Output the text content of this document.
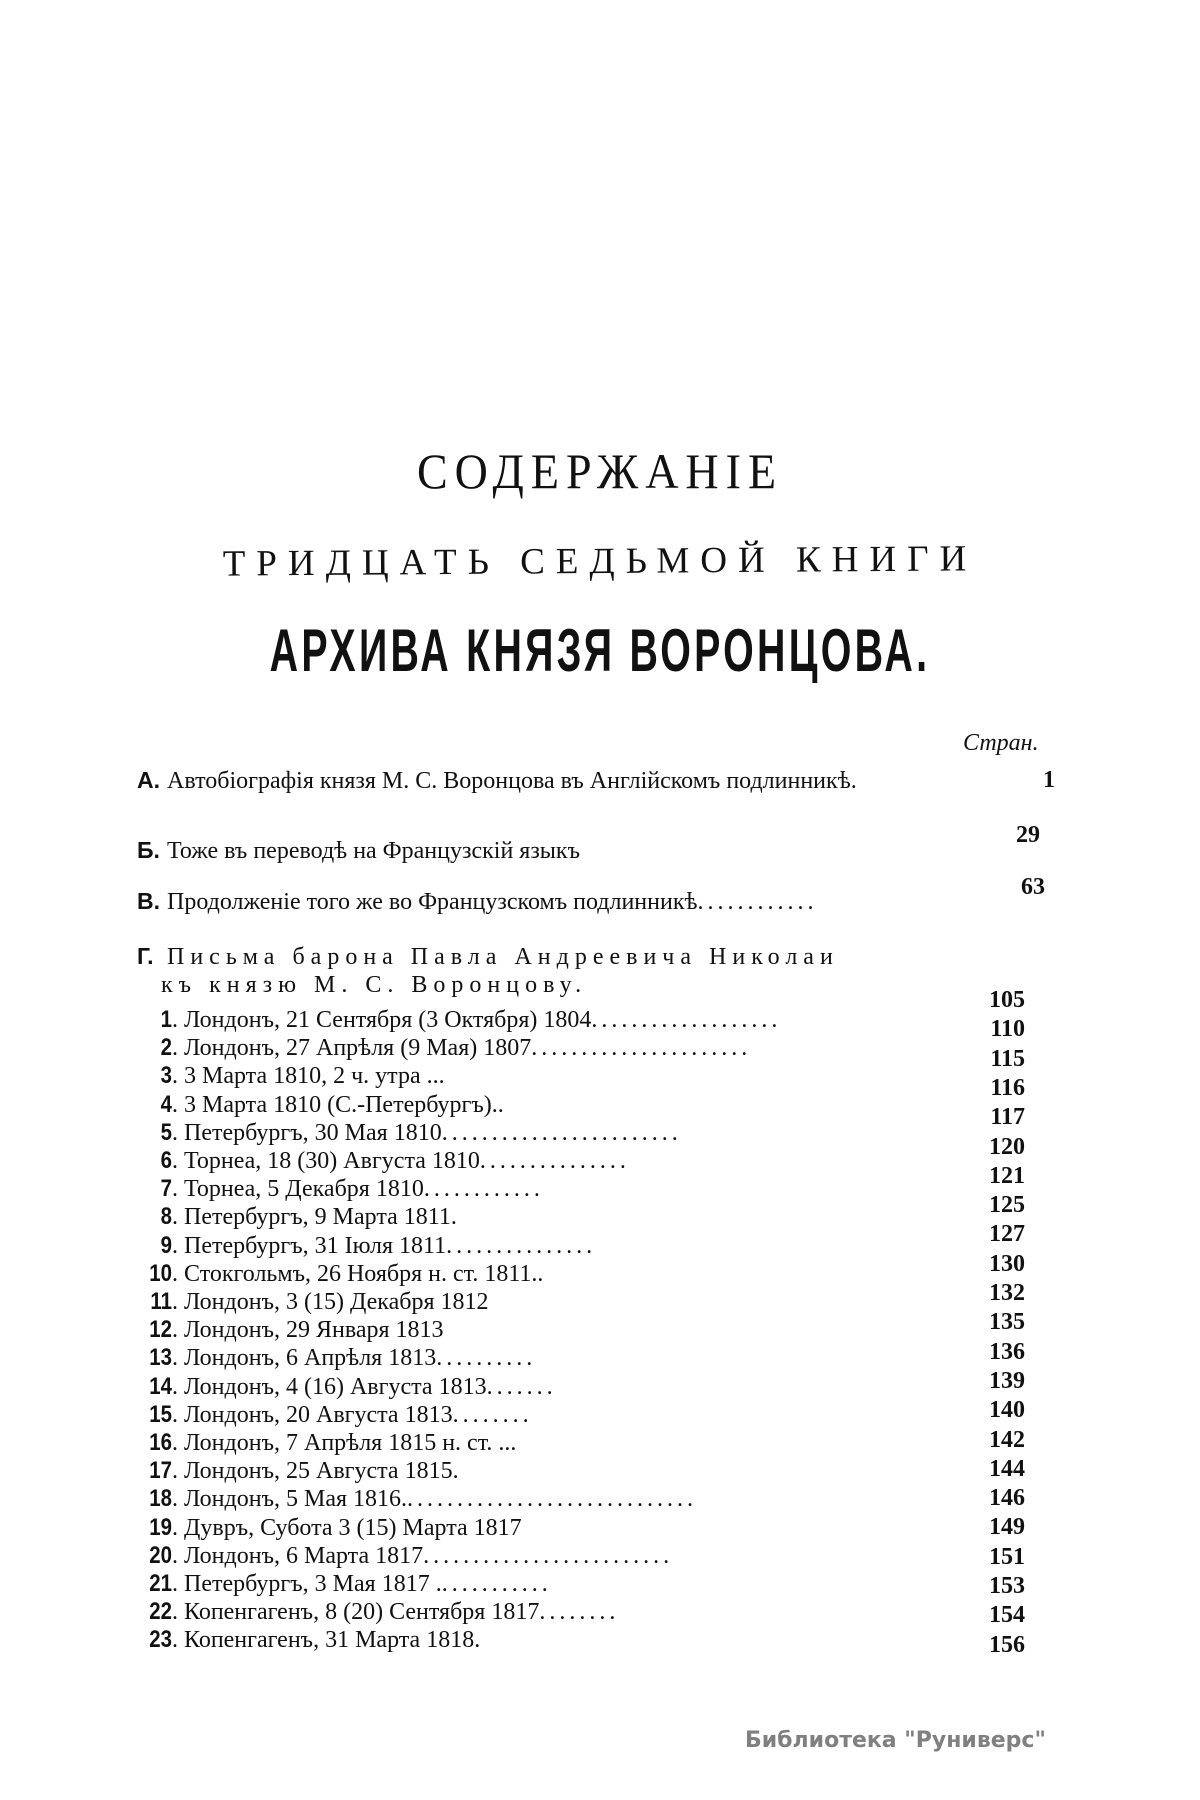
СОДЕРЖАНІЕ
ТРИДЦАТЬ СЕДЬМОЙ КНИГИ
АРХИВА КНЯЗЯ ВОРОНЦОВА.
Стран.
А. Автобіографія князя М. С. Воронцова въ Англійскомъ подлинникѣ.	1
Б. Тоже въ переводѣ на Французскій языкъ
29
В. Продолженіе того же во Французскомъ подлинникѣ............
63
Г. Письма барона Павла Андреевича Николаи
къ князю М. С. Воронцову.
1. Лондонъ, 21 Сентября (3 Октября) 1804...................
2. Лондонъ, 27 Апрѣля (9 Мая) 1807......................
3. 3 Марта 1810, 2 ч. утра ...
4. 3 Марта 1810 (С.-Петербургъ)..
5. Петербургъ, 30 Мая 1810........................
6. Торнеа, 18 (30) Августа 1810...............
7. Торнеа, 5 Декабря 1810............
8. Петербургъ, 9 Марта 1811.
9. Петербургъ, 31 Іюля 1811...............
10. Стокгольмъ, 26 Ноября н. ст. 1811..
11. Лондонъ, 3 (15) Декабря 1812
12. Лондонъ, 29 Января 1813
13. Лондонъ, 6 Апрѣля 1813..........
14. Лондонъ, 4 (16) Августа 1813.......
15. Лондонъ, 20 Августа 1813........
16. Лондонъ, 7 Апрѣля 1815 н. ст. ...
17. Лондонъ, 25 Августа 1815.
18. Лондонъ, 5 Мая 1816..............................
19. Дувръ, Субота 3 (15) Марта 1817
20. Лондонъ, 6 Марта 1817.........................
21. Петербургъ, 3 Мая 1817 ............
22. Копенгагенъ, 8 (20) Сентября 1817........
23. Копенгагенъ, 31 Марта 1818.
105
110
115
116
117
120
121
125
127
130
132
135
136
139
140
142
144
146
149
151
153
154
156
Библиотека "Руниверс"
